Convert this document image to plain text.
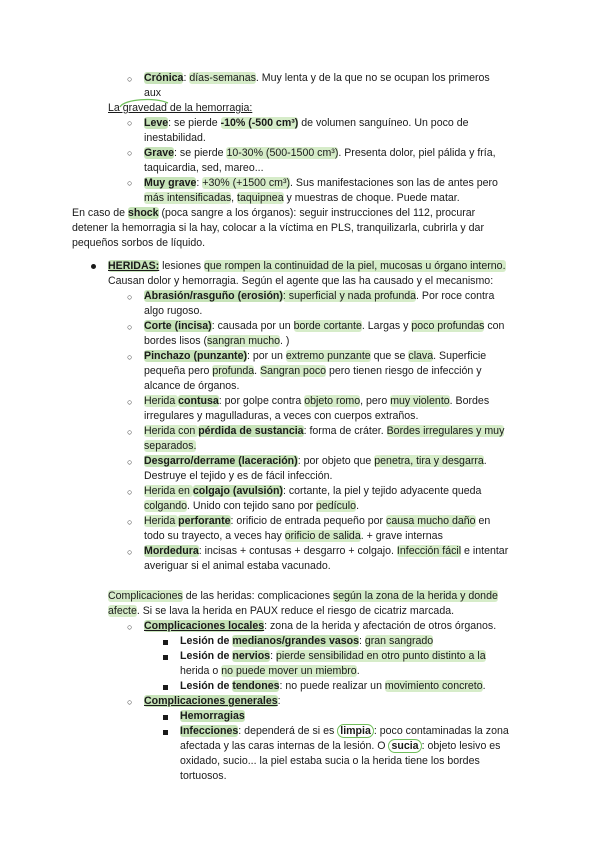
○ Crónica: días-semanas. Muy lenta y de la que no se ocupan los primeros
aux
La gravedad de la hemorragia:
○ Leve: se pierde -10% (-500 cm³) de volumen sanguíneo. Un poco de
inestabilidad.
○ Grave: se pierde 10-30% (500-1500 cm³). Presenta dolor, piel pálida y fría,
taquicardia, sed, mareo...
○ Muy grave: +30% (+1500 cm³). Sus manifestaciones son las de antes pero
más intensificadas, taquipnea y muestras de choque. Puede matar.
En caso de shock (poca sangre a los órganos): seguir instrucciones del 112, procurar
detener la hemorragia si la hay, colocar a la víctima en PLS, tranquilizarla, cubrirla y dar
pequeños sorbos de líquido.
HERIDAS: lesiones que rompen la continuidad de la piel, mucosas u órgano interno.
Causan dolor y hemorragia. Según el agente que las ha causado y el mecanismo:
○ Abrasión/rasguño (erosión): superficial y nada profunda. Por roce contra
algo rugoso.
○ Corte (incisa): causada por un borde cortante. Largas y poco profundas con
bordes lisos (sangran mucho. )
○ Pinchazo (punzante): por un extremo punzante que se clava. Superficie
pequeña pero profunda. Sangran poco pero tienen riesgo de infección y
alcance de órganos.
○ Herida contusa: por golpe contra objeto romo, pero muy violento. Bordes
irregulares y magulladuras, a veces con cuerpos extraños.
○ Herida con pérdida de sustancia: forma de cráter. Bordes irregulares y muy
separados.
○ Desgarro/derrame (laceración): por objeto que penetra, tira y desgarra.
Destruye el tejido y es de fácil infección.
○ Herida en colgajo (avulsión): cortante, la piel y tejido adyacente queda
colgando. Unido con tejido sano por pedículo.
○ Herida perforante: orificio de entrada pequeño por causa mucho daño en
todo su trayecto, a veces hay orificio de salida. + grave internas
○ Mordedura: incisas + contusas + desgarro + colgajo. Infección fácil e intentar
averiguar si el animal estaba vacunado.
Complicaciones de las heridas: complicaciones según la zona de la herida y donde
afecte. Si se lava la herida en PAUX reduce el riesgo de cicatriz marcada.
○ Complicaciones locales: zona de la herida y afectación de otros órganos.
Lesión de medianos/grandes vasos: gran sangrado
Lesión de nervios: pierde sensibilidad en otro punto distinto a la
herida o no puede mover un miembro.
Lesión de tendones: no puede realizar un movimiento concreto.
○ Complicaciones generales:
Hemorragias
Infecciones: dependerá de si es limpia : poco contaminadas la zona
afectada y las caras internas de la lesión. O sucia : objeto lesivo es
oxidado, sucio... la piel estaba sucia o la herida tiene los bordes
tortuosos.
